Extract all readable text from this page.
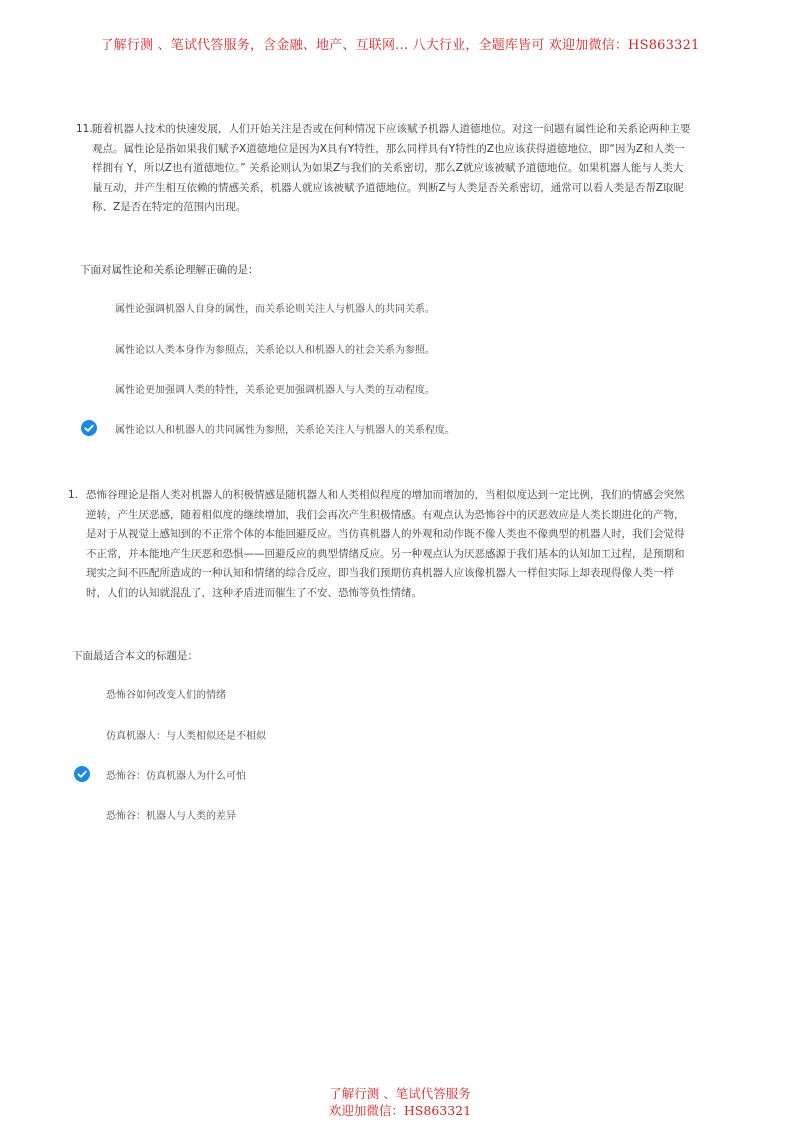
了解行测 、笔试代答服务，含金融、地产、互联网... 八大行业，全题库皆可 欢迎加微信：HS863321
11. 随着机器人技术的快速发展，人们开始关注是否或在何种情况下应该赋予机器人道德地位。对这一问题有属性论和关系论两种主要观点。属性论是指如果我们赋予X道德地位是因为X具有Y特性，那么同样具有Y特性的Z也应该获得道德地位，即“因为Z和人类一样拥有 Y，所以Z也有道德地位。” 关系论则认为如果Z与我们的关系密切，那么Z就应该被赋予道德地位。如果机器人能与人类大量互动，并产生相互依赖的情感关系，机器人就应该被赋予道德地位。判断Z与人类是否关系密切，通常可以看人类是否帮Z取昵称、Z是否在特定的范围内出现。

下面对属性论和关系论理解正确的是：
属性论强调机器人自身的属性，而关系论则关注人与机器人的共同关系。
属性论以人类本身作为参照点，关系论以人和机器人的社会关系为参照。
属性论更加强调人类的特性，关系论更加强调机器人与人类的互动程度。
属性论以人和机器人的共同属性为参照，关系论关注人与机器人的关系程度。
1. 恐怖谷理论是指人类对机器人的积极情感是随机器人和人类相似程度的增加而增加的，当相似度达到一定比例，我们的情感会突然逆转，产生厌恶感，随着相似度的继续增加，我们会再次产生积极情感。有观点认为恐怖谷中的厌恶效应是人类长期进化的产物，是对于从视觉上感知到的不正常个体的本能回避反应。当仿真机器人的外观和动作既不像人类也不像典型的机器人时，我们会觉得不正常，并本能地产生厌恶和恐惧——回避反应的典型情绪反应。另一种观点认为厌恶感源于我们基本的认知加工过程，是预期和现实之间不匹配所造成的一种认知和情绪的综合反应，即当我们预期仿真机器人应该像机器人一样但实际上却表现得像人类一样时，人们的认知就混乱了，这种矛盾进而催生了不安、恐怖等负性情绪。

下面最适合本文的标题是：
恐怖谷如何改变人们的情绪
仿真机器人：与人类相似还是不相似
恐怖谷：仿真机器人为什么可怕
恐怖谷：机器人与人类的差异
了解行测 、笔试代答服务
欢迎加微信：HS863321
